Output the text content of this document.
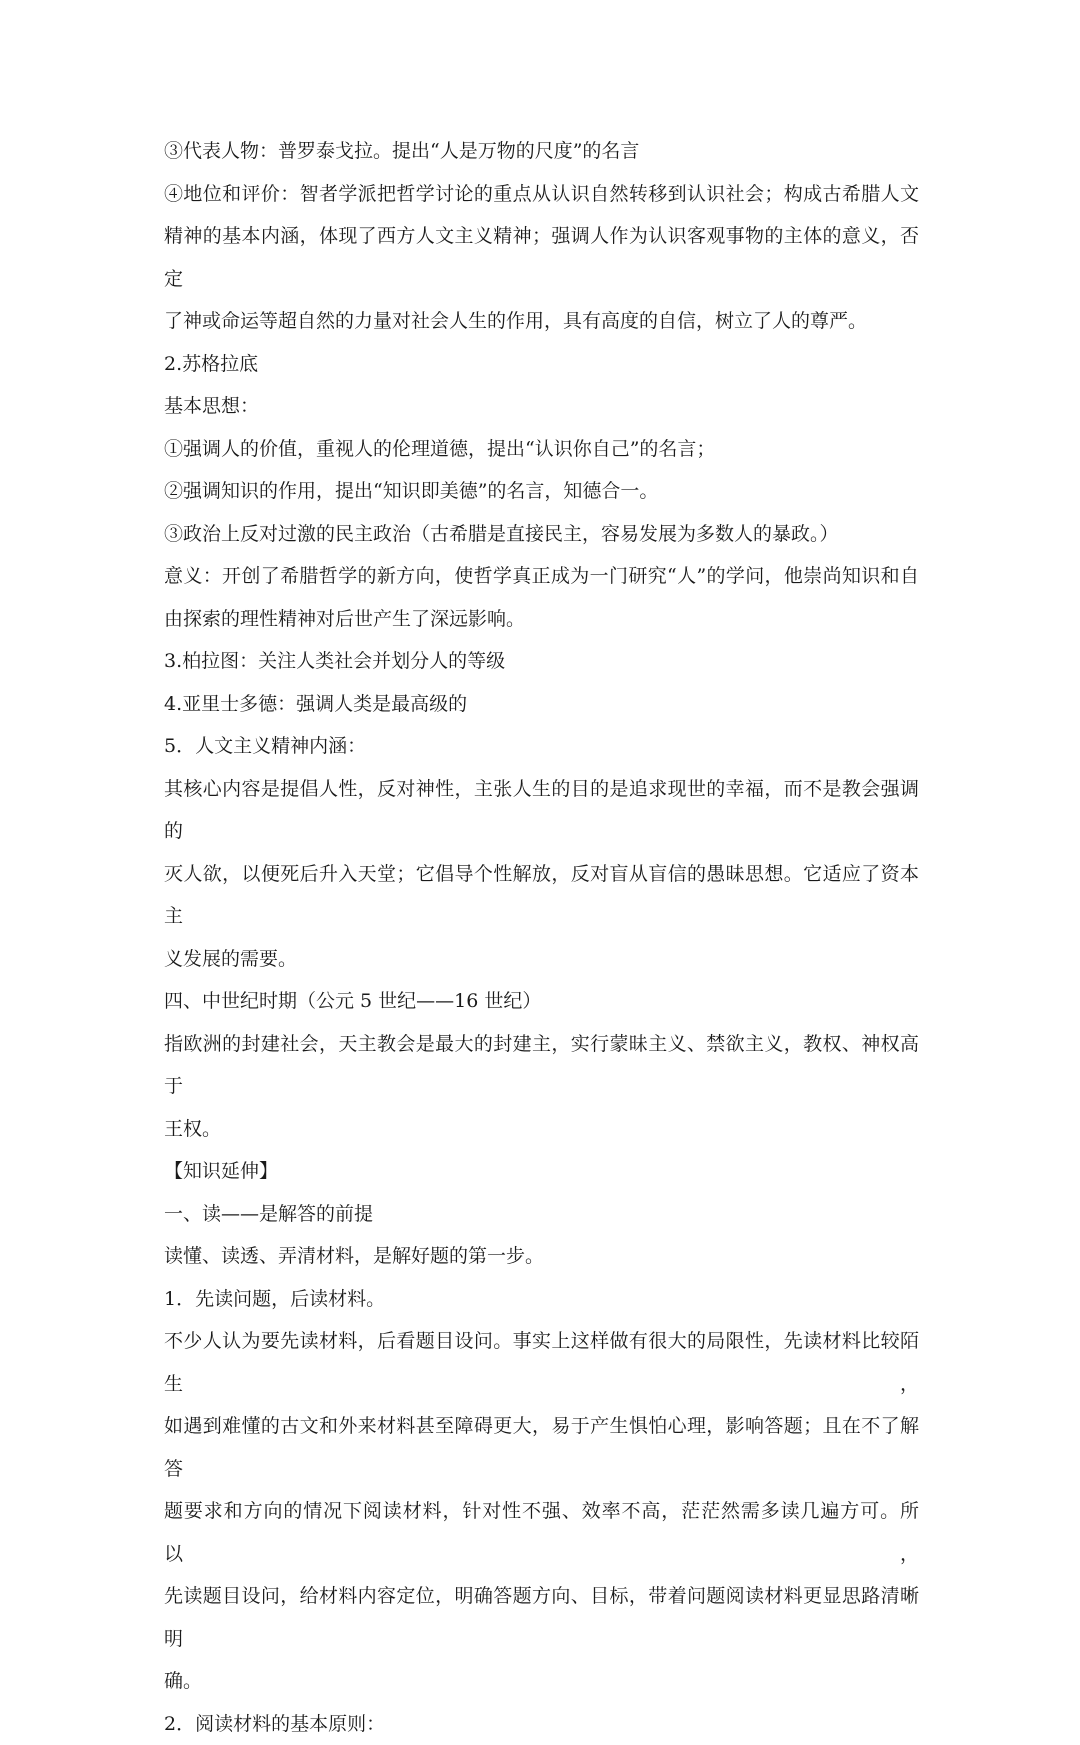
③代表人物：普罗泰戈拉。提出“人是万物的尺度”的名言
④地位和评价：智者学派把哲学讨论的重点从认识自然转移到认识社会；构成古希腊人文
精神的基本内涵，体现了西方人文主义精神；强调人作为认识客观事物的主体的意义，否定
了神或命运等超自然的力量对社会人生的作用，具有高度的自信，树立了人的尊严。
2.苏格拉底
基本思想：
①强调人的价值，重视人的伦理道德，提出“认识你自己”的名言；
②强调知识的作用，提出“知识即美德”的名言，知德合一。
③政治上反对过激的民主政治（古希腊是直接民主，容易发展为多数人的暴政。）
意义：开创了希腊哲学的新方向，使哲学真正成为一门研究“人”的学问，他崇尚知识和自
由探索的理性精神对后世产生了深远影响。
3.柏拉图：关注人类社会并划分人的等级
4.亚里士多德：强调人类是最高级的
5．人文主义精神内涵：
其核心内容是提倡人性，反对神性，主张人生的目的是追求现世的幸福，而不是教会强调的
灭人欲，以便死后升入天堂；它倡导个性解放，反对盲从盲信的愚昧思想。它适应了资本主
义发展的需要。
四、中世纪时期（公元 5 世纪——16 世纪）
指欧洲的封建社会，天主教会是最大的封建主，实行蒙昧主义、禁欲主义，教权、神权高于
王权。
【知识延伸】
一、读——是解答的前提
读懂、读透、弄清材料，是解好题的第一步。
1．先读问题，后读材料。
不少人认为要先读材料，后看题目设问。事实上这样做有很大的局限性，先读材料比较陌生，
如遇到难懂的古文和外来材料甚至障碍更大，易于产生惧怕心理，影响答题；且在不了解答
题要求和方向的情况下阅读材料，针对性不强、效率不高，茫茫然需多读几遍方可。所以，
先读题目设问，给材料内容定位，明确答题方向、目标，带着问题阅读材料更显思路清晰明
确。
2．阅读材料的基本原则：
